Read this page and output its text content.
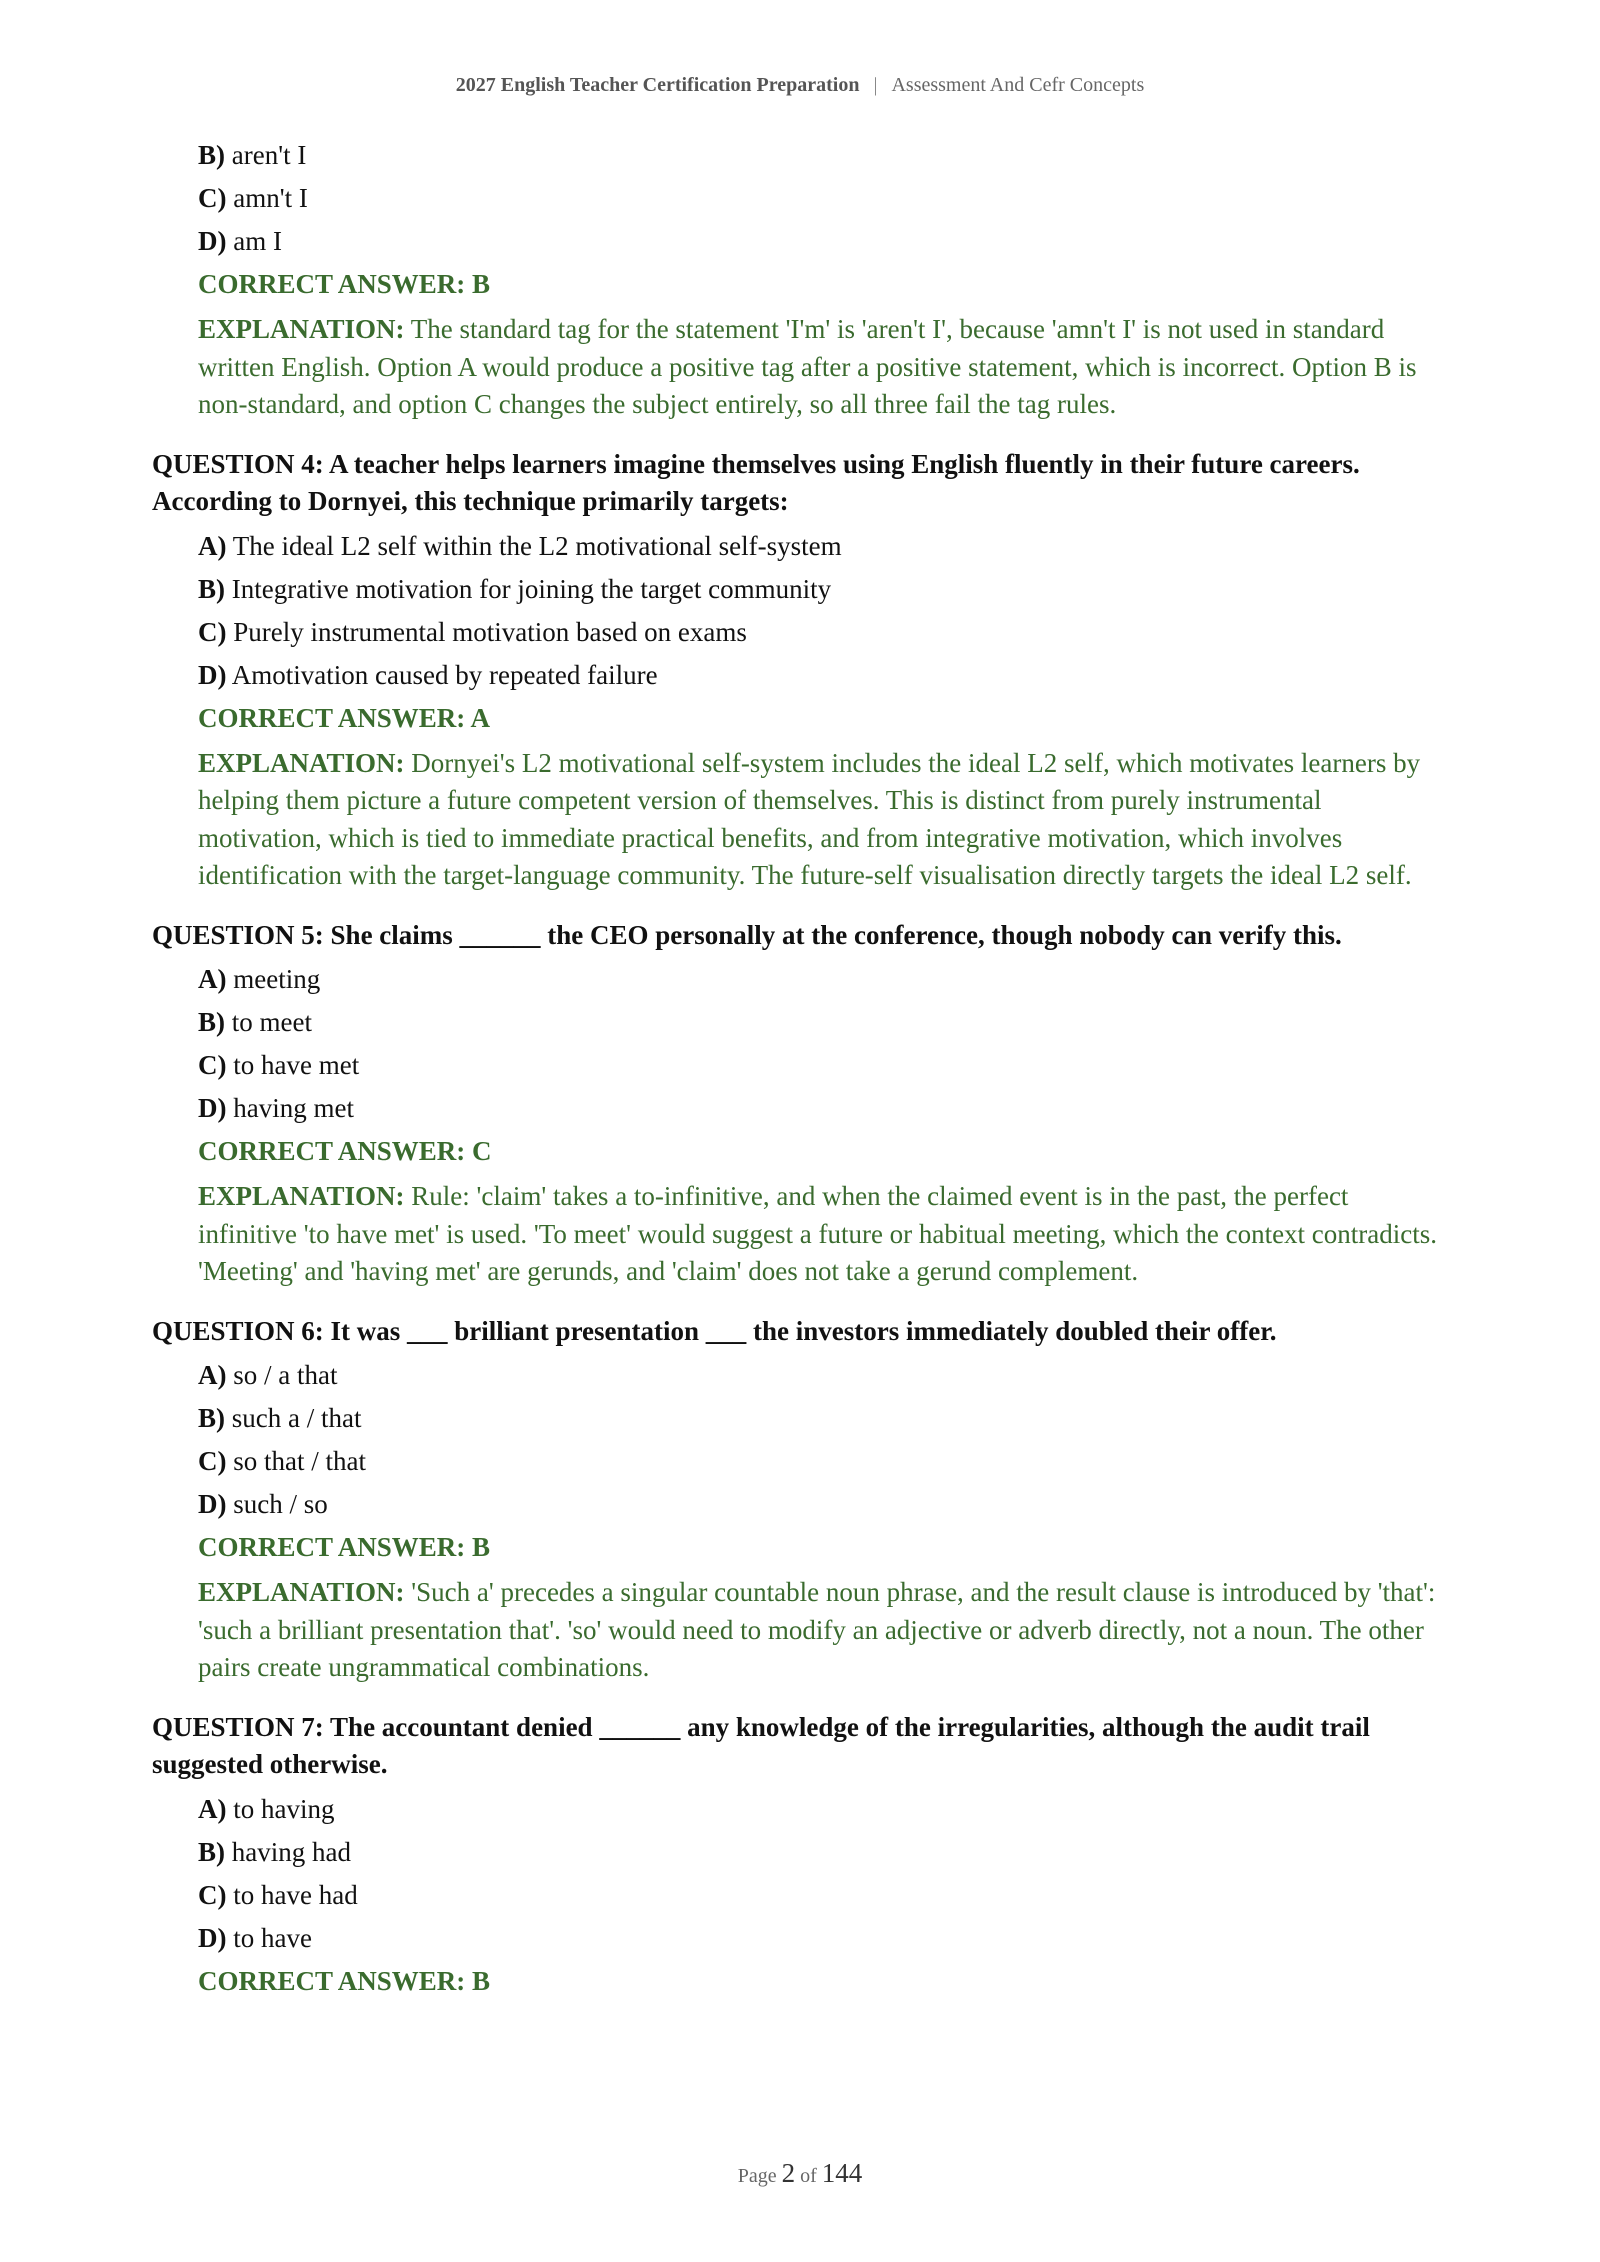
2027 English Teacher Certification Preparation | Assessment And Cefr Concepts
B) aren't I
C) amn't I
D) am I
CORRECT ANSWER: B
EXPLANATION: The standard tag for the statement 'I'm' is 'aren't I', because 'amn't I' is not used in standard written English. Option A would produce a positive tag after a positive statement, which is incorrect. Option B is non-standard, and option C changes the subject entirely, so all three fail the tag rules.
QUESTION 4: A teacher helps learners imagine themselves using English fluently in their future careers. According to Dornyei, this technique primarily targets:
A) The ideal L2 self within the L2 motivational self-system
B) Integrative motivation for joining the target community
C) Purely instrumental motivation based on exams
D) Amotivation caused by repeated failure
CORRECT ANSWER: A
EXPLANATION: Dornyei's L2 motivational self-system includes the ideal L2 self, which motivates learners by helping them picture a future competent version of themselves. This is distinct from purely instrumental motivation, which is tied to immediate practical benefits, and from integrative motivation, which involves identification with the target-language community. The future-self visualisation directly targets the ideal L2 self.
QUESTION 5: She claims ______ the CEO personally at the conference, though nobody can verify this.
A) meeting
B) to meet
C) to have met
D) having met
CORRECT ANSWER: C
EXPLANATION: Rule: 'claim' takes a to-infinitive, and when the claimed event is in the past, the perfect infinitive 'to have met' is used. 'To meet' would suggest a future or habitual meeting, which the context contradicts. 'Meeting' and 'having met' are gerunds, and 'claim' does not take a gerund complement.
QUESTION 6: It was ___ brilliant presentation ___ the investors immediately doubled their offer.
A) so / a that
B) such a / that
C) so that / that
D) such / so
CORRECT ANSWER: B
EXPLANATION: 'Such a' precedes a singular countable noun phrase, and the result clause is introduced by 'that': 'such a brilliant presentation that'. 'so' would need to modify an adjective or adverb directly, not a noun. The other pairs create ungrammatical combinations.
QUESTION 7: The accountant denied ______ any knowledge of the irregularities, although the audit trail suggested otherwise.
A) to having
B) having had
C) to have had
D) to have
CORRECT ANSWER: B
Page 2 of 144
